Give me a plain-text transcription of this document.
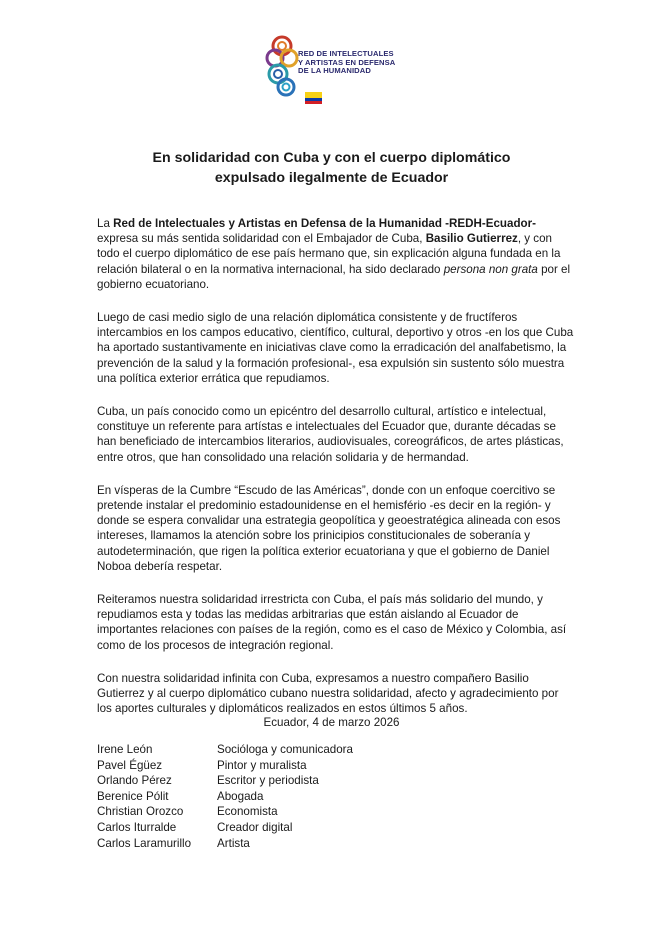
RED DE INTELECTUALES
Y ARTISTAS EN DEFENSA
DE LA HUMANIDAD
En solidaridad con Cuba y con el cuerpo diplomático
expulsado ilegalmente de Ecuador

La Red de Intelectuales y Artistas en Defensa de la Humanidad -REDH-Ecuador- expresa su más sentida solidaridad con el Embajador de Cuba, Basilio Gutierrez, y con todo el cuerpo diplomático de ese país hermano que, sin explicación alguna fundada en la relación bilateral o en la normativa internacional, ha sido declarado persona non grata por el gobierno ecuatoriano.

Luego de casi medio siglo de una relación diplomática consistente y de fructíferos intercambios en los campos educativo, científico, cultural, deportivo y otros -en los que Cuba ha aportado sustantivamente en iniciativas clave como la erradicación del analfabetismo, la prevención de la salud y la formación profesional-, esa expulsión sin sustento sólo muestra una política exterior errática que repudiamos.

Cuba, un país conocido como un epicéntro del desarrollo cultural, artístico e intelectual, constituye un referente para artístas e intelectuales del Ecuador que, durante décadas se han beneficiado de intercambios literarios, audiovisuales, coreográficos, de artes plásticas, entre otros, que han consolidado una relación solidaria y de hermandad.

En vísperas de la Cumbre “Escudo de las Américas”, donde con un enfoque coercitivo se pretende instalar el predominio estadounidense en el hemisfério -es decir en la región- y donde se espera convalidar una estrategia geopolítica y geoestratégica alineada con esos intereses, llamamos la atención sobre los prinicipios constitucionales de soberanía y autodeterminación, que rigen la política exterior ecuatoriana y que el gobierno de Daniel Noboa debería respetar.

Reiteramos nuestra solidaridad irrestricta con Cuba, el país más solidario del mundo, y repudiamos esta y todas las medidas arbitrarias que están aislando al Ecuador de importantes relaciones con países de la región, como es el caso de México y Colombia, así como de los procesos de integración regional.

Con nuestra solidaridad infinita con Cuba, expresamos a nuestro compañero Basilio Gutierrez y al cuerpo diplomático cubano nuestra solidaridad, afecto y agradecimiento por los aportes culturales y diplomáticos realizados en estos últimos 5 años.

Ecuador, 4 de marzo 2026
Irene León	Socióloga y comunicadora
Pavel Égüez	Pintor y muralista
Orlando Pérez	Escritor y periodista
Berenice Pólit	Abogada
Christian Orozco	Economista
Carlos Iturralde	Creador digital
Carlos Laramurillo	Artista
